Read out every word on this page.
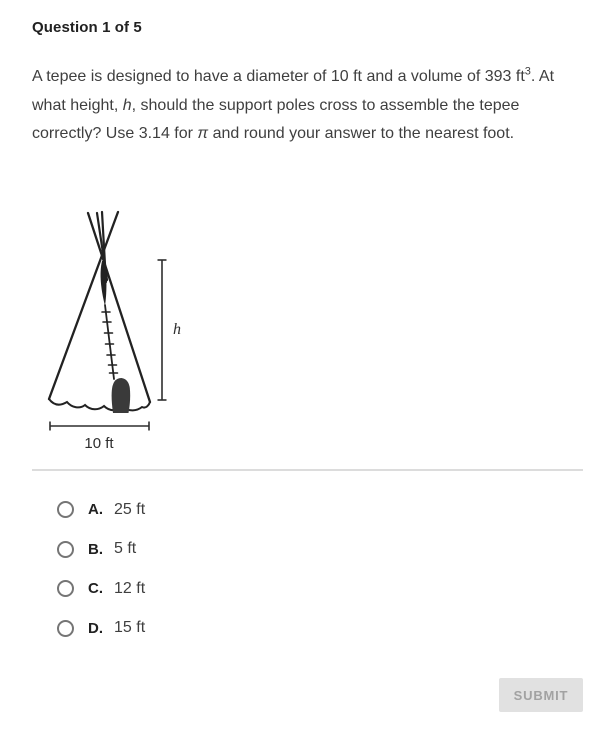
Question 1 of 5
A tepee is designed to have a diameter of 10 ft and a volume of 393 $ft^3$. At what height, h, should the support poles cross to assemble the tepee correctly? Use 3.14 for π and round your answer to the nearest foot.
10 ft
h
A. 25 ft
B. 5 ft
C. 12 ft
D. 15 ft
SUBMIT
